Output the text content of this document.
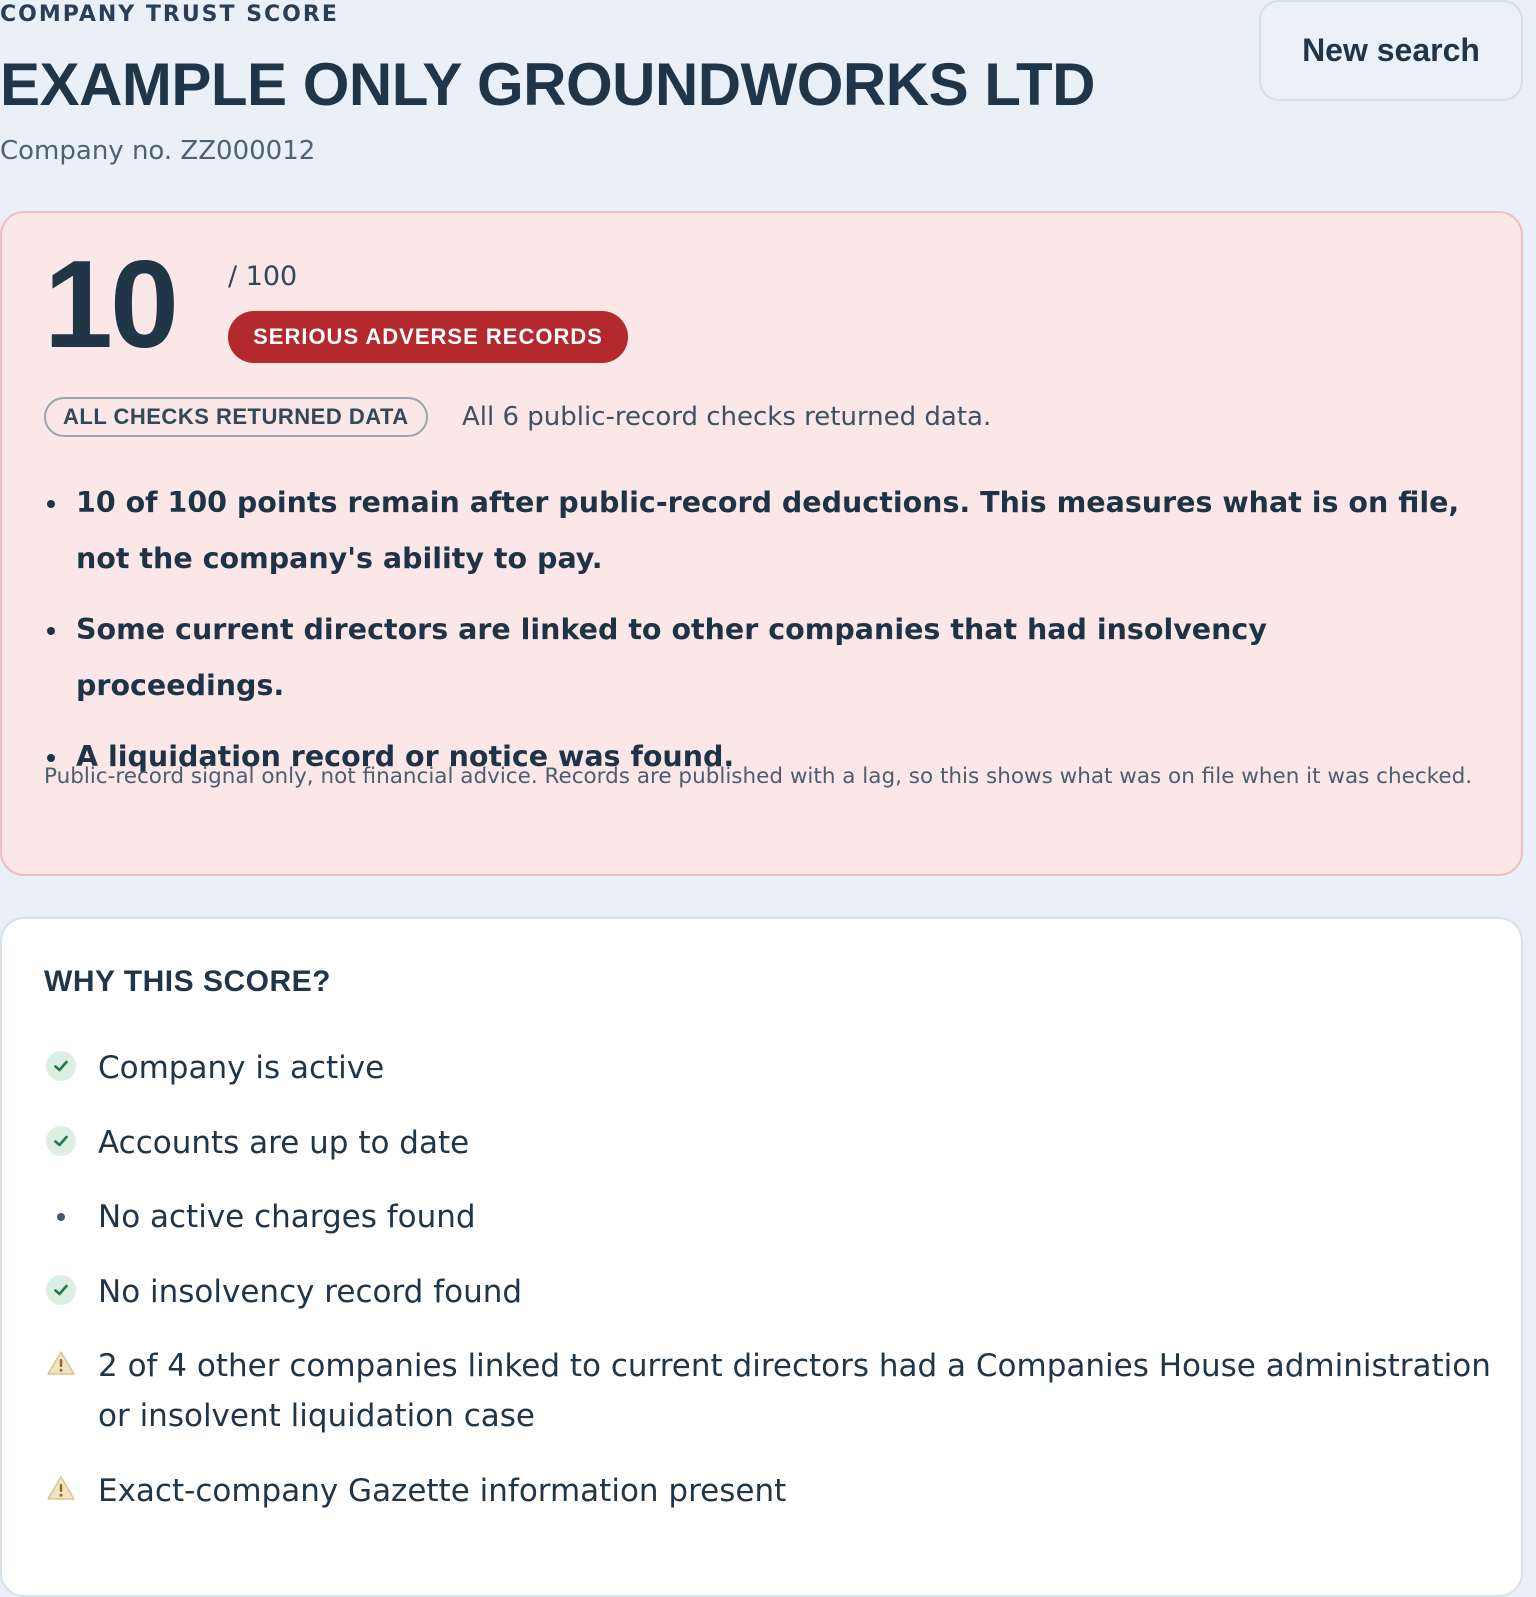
COMPANY TRUST SCORE
EXAMPLE ONLY GROUNDWORKS LTD
Company no. ZZ000012
New search
10 / 100
SERIOUS ADVERSE RECORDS
ALL CHECKS RETURNED DATA	All 6 public-record checks returned data.
10 of 100 points remain after public-record deductions. This measures what is on file, not the company's ability to pay.
Some current directors are linked to other companies that had insolvency proceedings.
A liquidation record or notice was found.
Public-record signal only, not financial advice. Records are published with a lag, so this shows what was on file when it was checked.
WHY THIS SCORE?
Company is active
Accounts are up to date
No active charges found
No insolvency record found
2 of 4 other companies linked to current directors had a Companies House administration or insolvent liquidation case
Exact-company Gazette information present
